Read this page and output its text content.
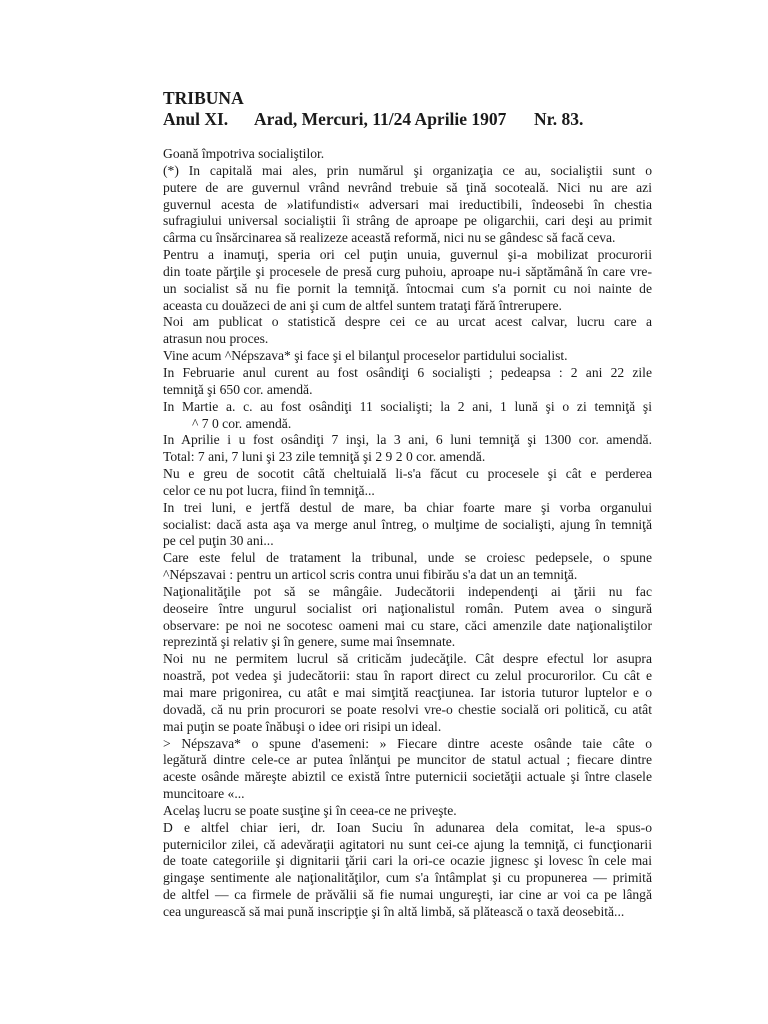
TRIBUNA
Anul XI. Arad, Mercuri, 11/24 Aprilie 1907 Nr. 83.
Goană împotriva socialiştilor.
(*) In capitală mai ales, prin numărul şi organizaţia ce au, socialiştii sunt o
putere de are guvernul vrând nevrând trebuie să ţină socoteală. Nici nu are azi
guvernul acesta de »latifundisti« adversari mai ireductibili, îndeosebi în chestia
sufragiului universal socialiştii îi strâng de aproape pe oligarchii, cari deşi au primit
cârma cu însărcinarea să realizeze această reformă, nici nu se gândesc să facă ceva.
Pentru a inamuţi, speria ori cel puţin unuia, guvernul şi-a mobilizat procurorii
din toate părţile şi procesele de presă curg puhoiu, aproape nu-i săptămână în care vre-
un socialist să nu fie pornit la temniţă. întocmai cum s'a pornit cu noi nainte de
aceasta cu douăzeci de ani şi cum de altfel suntem trataţi fără întrerupere.
Noi am publicat o statistică despre cei ce au urcat acest calvar, lucru care a
atrasun nou proces.
Vine acum ^Népszava* şi face şi el bilanţul proceselor partidului socialist.
In Februarie anul curent au fost osândiţi 6 socialişti ; pedeapsa : 2 ani 22 zile
temniţă şi 650 cor. amendă.
In Martie a. c. au fost osândiţi 11 socialişti; la 2 ani, 1 lună şi o zi temniţă şi
^ 7 0 cor. amendă.
In Aprilie i u fost osândiţi 7 inşi, la 3 ani, 6 luni temniţă şi 1300 cor. amendă.
Total: 7 ani, 7 luni şi 23 zile temniţă şi 2 9 2 0 cor. amendă.
Nu e greu de socotit câtă cheltuială li-s'a făcut cu procesele şi cât e perderea
celor ce nu pot lucra, fiind în temniţă...
In trei luni, e jertfă destul de mare, ba chiar foarte mare şi vorba organului
socialist: dacă asta aşa va merge anul întreg, o mulţime de socialişti, ajung în temniţă
pe cel puţin 30 ani...
Care este felul de tratament la tribunal, unde se croiesc pedepsele, o spune
^Népszavai : pentru un articol scris contra unui fibirău s'a dat un an temniţă.
Naţionalităţile pot să se mângâie. Judecătorii independenţi ai ţării nu fac
deoseire între ungurul socialist ori naţionalistul român. Putem avea o singură
observare: pe noi ne socotesc oameni mai cu stare, căci amenzile date naţionaliştilor
reprezintă şi relativ şi în genere, sume mai însemnate.
Noi nu ne permitem lucrul să criticăm judecăţile. Cât despre efectul lor asupra
noastră, pot vedea şi judecătorii: stau în raport direct cu zelul procurorilor. Cu cât e
mai mare prigonirea, cu atât e mai simţită reacţiunea. Iar istoria tuturor luptelor e o
dovadă, că nu prin procurori se poate resolvi vre-o chestie socială ori politică, cu atât
mai puţin se poate înăbuşi o idee ori risipi un ideal.
> Népszava* o spune d'asemeni: » Fiecare dintre aceste osânde taie câte o
legătură dintre cele-ce ar putea înlănţui pe muncitor de statul actual ; fiecare dintre
aceste osânde măreşte abiztil ce există între puternicii societăţii actuale şi între clasele
muncitoare «...
Acelaş lucru se poate susţine şi în ceea-ce ne priveşte.
D e altfel chiar ieri, dr. Ioan Suciu în adunarea dela comitat, le-a spus-o
puternicilor zilei, că adevăraţii agitatori nu sunt cei-ce ajung la temniţă, ci funcţionarii
de toate categoriile şi dignitarii ţării cari la ori-ce ocazie jignesc şi lovesc în cele mai
gingaşe sentimente ale naţionalităţilor, cum s'a întâmplat şi cu propunerea — primită
de altfel — ca firmele de prăvălii să fie numai ungureşti, iar cine ar voi ca pe lângă
cea ungurească să mai pună inscripţie şi în altă limbă, să plătească o taxă deosebită...
